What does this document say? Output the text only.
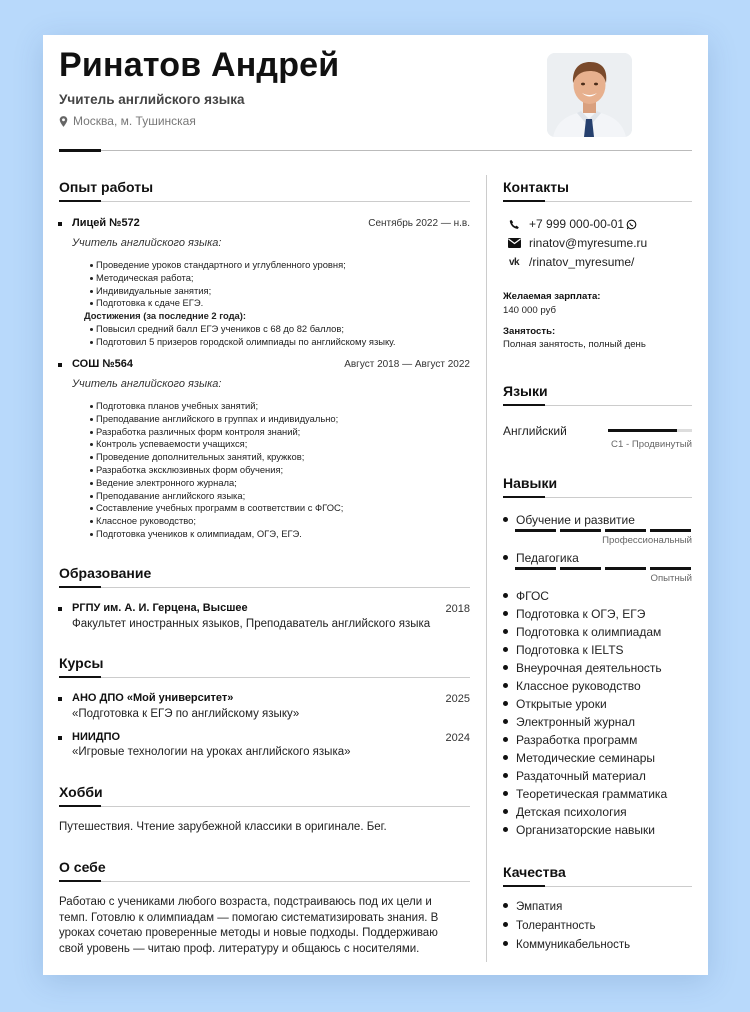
Ринатов Андрей
Учитель английского языка
Москва, м. Тушинская
Опыт работы
Лицей №572	Сентябрь 2022 — н.в.
Учитель английского языка:
Проведение уроков стандартного и углубленного уровня;
Методическая работа;
Индивидуальные занятия;
Подготовка к сдаче ЕГЭ.
Достижения (за последние 2 года):
Повысил средний балл ЕГЭ учеников с 68 до 82 баллов;
Подготовил 5 призеров городской олимпиады по английскому языку.
СОШ №564	Август 2018 — Август 2022
Учитель английского языка:
Подготовка планов учебных занятий;
Преподавание английского в группах и индивидуально;
Разработка различных форм контроля знаний;
Контроль успеваемости учащихся;
Проведение дополнительных занятий, кружков;
Разработка эксклюзивных форм обучения;
Ведение электронного журнала;
Преподавание английского языка;
Составление учебных программ в соответствии с ФГОС;
Классное руководство;
Подготовка учеников к олимпиадам, ОГЭ, ЕГЭ.
Образование
РГПУ им. А. И. Герцена, Высшее	2018
Факультет иностранных языков, Преподаватель английского языка
Курсы
АНО ДПО «Мой университет»	2025
«Подготовка к ЕГЭ по английскому языку»
НИИДПО	2024
«Игровые технологии на уроках английского языка»
Хобби
Путешествия. Чтение зарубежной классики в оригинале. Бег.
О себе
Работаю с учениками любого возраста, подстраиваюсь под их цели и
темп. Готовлю к олимпиадам — помогаю систематизировать знания. В
уроках сочетаю проверенные методы и новые подходы. Поддерживаю
свой уровень — читаю проф. литературу и общаюсь с носителями.
Контакты
+7 999 000-00-01
rinatov@myresume.ru
vk /rinatov_myresume/
Желаемая зарплата:
140 000 руб
Занятость:
Полная занятость, полный день
Языки
Английский
C1 - Продвинутый
Навыки
Обучение и развитие
Профессиональный
Педагогика
Опытный
ФГОС
Подготовка к ОГЭ, ЕГЭ
Подготовка к олимпиадам
Подготовка к IELTS
Внеурочная деятельность
Классное руководство
Открытые уроки
Электронный журнал
Разработка программ
Методические семинары
Раздаточный материал
Теоретическая грамматика
Детская психология
Организаторские навыки
Качества
Эмпатия
Толерантность
Коммуникабельность
